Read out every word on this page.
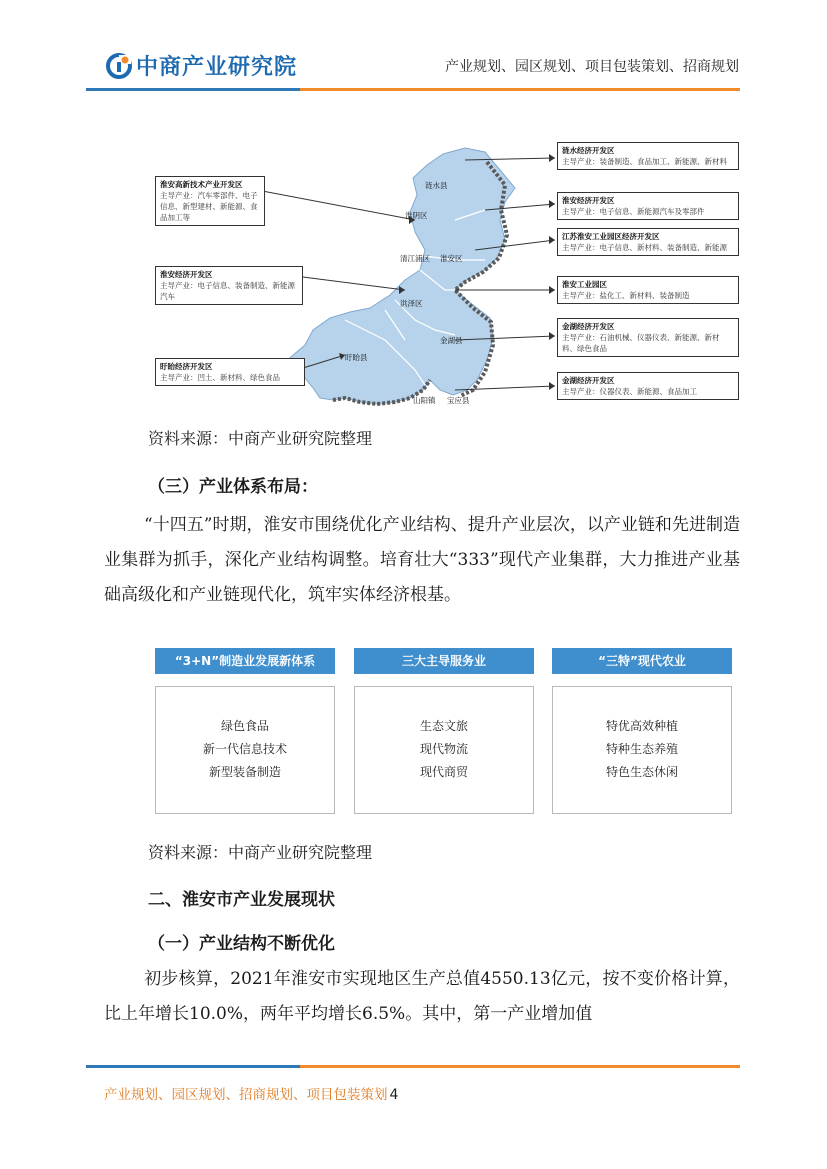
中商产业研究院	产业规划、园区规划、项目包装策划、招商规划
涟水县
淮阴区
清江浦区 淮安区
洪泽区
盱眙县
金湖县
山阳镇 宝应县
淮安高新技术产业开发区
主导产业：汽车零部件、电子信息、新型建材、新能源、食品加工等
淮安经济开发区
主导产业：电子信息、装备制造、新能源汽车
盱眙经济开发区
主导产业：凹土、新材料、绿色食品
涟水经济开发区
主导产业：装备制造、食品加工、新能源、新材料
淮安经济开发区
主导产业：电子信息、新能源汽车及零部件
江苏淮安工业园区经济开发区
主导产业：电子信息、新材料、装备制造、新能源
淮安工业园区
主导产业：盐化工、新材料、装备制造
金湖经济开发区
主导产业：石油机械、仪器仪表、新能源、新材料、绿色食品
金湖经济开发区
主导产业：仪器仪表、新能源、食品加工
资料来源：中商产业研究院整理
（三）产业体系布局：
“十四五”时期，淮安市围绕优化产业结构、提升产业层次，以产业链和先进制造业集群为抓手，深化产业结构调整。培育壮大“333”现代产业集群，大力推进产业基础高级化和产业链现代化，筑牢实体经济根基。
“3+N”制造业发展新体系
绿色食品
新一代信息技术
新型装备制造
三大主导服务业
生态文旅
现代物流
现代商贸
“三特”现代农业
特优高效种植
特种生态养殖
特色生态休闲
资料来源：中商产业研究院整理
二、淮安市产业发展现状
（一）产业结构不断优化
初步核算，2021年淮安市实现地区生产总值4550.13亿元，按不变价格计算，比上年增长10.0%，两年平均增长6.5%。其中，第一产业增加值
产业规划、园区规划、招商规划、项目包装策划 4
